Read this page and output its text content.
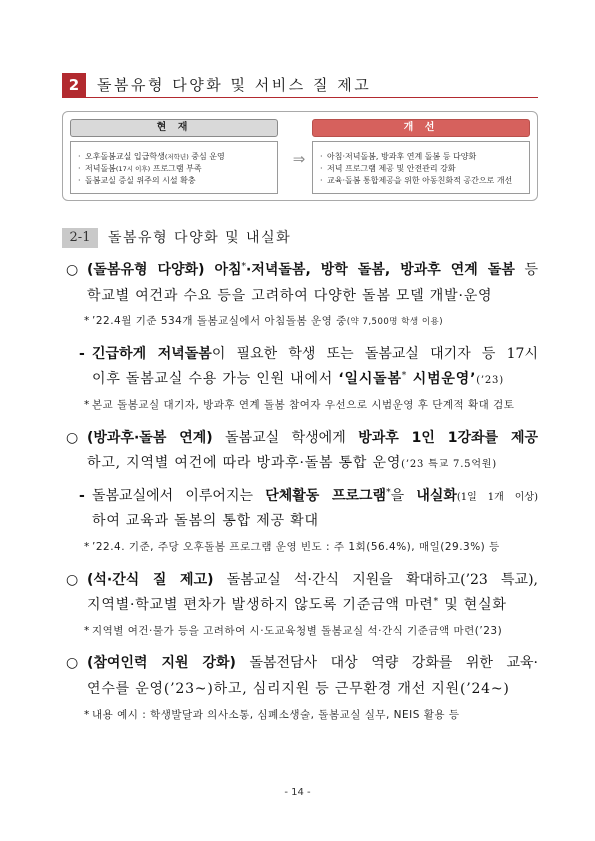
2	돌봄유형 다양화 및 서비스 질 제고
현 재
· 오후돌봄교실 입급학생(저학년) 중심 운영
· 저녁돌봄(17시 이후) 프로그램 부족
· 돌봄교실 증실 위주의 시설 확충
⇒
개 선
· 아침·저녁돌봄, 방과후 연계 돌봄 등 다양화
· 저녁 프로그램 제공 및 안전관리 강화
· 교육·돌봄 통합제공을 위한 아동친화적 공간으로 개선
2-1	돌봄유형 다양화 및 내실화
○ (돌봄유형 다양화) 아침*·저녁돌봄, 방학 돌봄, 방과후 연계 돌봄 등
학교별 여건과 수요 등을 고려하여 다양한 돌봄 모델 개발·운영
* ’22.4월 기준 534개 돌봄교실에서 아침돌봄 운영 중(약 7,500명 학생 이용)
- 긴급하게 저녁돌봄이 필요한 학생 또는 돌봄교실 대기자 등 17시
이후 돌봄교실 수용 가능 인원 내에서 ‘일시돌봄* 시범운영’(’23)
* 본교 돌봄교실 대기자, 방과후 연계 돌봄 참여자 우선으로 시범운영 후 단계적 확대 검토
○ (방과후·돌봄 연계) 돌봄교실 학생에게 방과후 1인 1강좌를 제공
하고, 지역별 여건에 따라 방과후·돌봄 통합 운영(’23 특교 7.5억원)
- 돌봄교실에서 이루어지는 단체활동 프로그램*을 내실화(1일 1개 이상)
하여 교육과 돌봄의 통합 제공 확대
* ’22.4. 기준, 주당 오후돌봄 프로그램 운영 빈도 : 주 1회(56.4%), 매일(29.3%) 등
○ (석·간식 질 제고) 돌봄교실 석·간식 지원을 확대하고(’23 특교),
지역별·학교별 편차가 발생하지 않도록 기준금액 마련* 및 현실화
* 지역별 여건·물가 등을 고려하여 시·도교육청별 돌봄교실 석·간식 기준금액 마련(’23)
○ (참여인력 지원 강화) 돌봄전담사 대상 역량 강화를 위한 교육·
연수를 운영(’23~)하고, 심리지원 등 근무환경 개선 지원(’24~)
* 내용 예시 : 학생발달과 의사소통, 심폐소생술, 돌봄교실 실무, NEIS 활용 등
- 14 -
